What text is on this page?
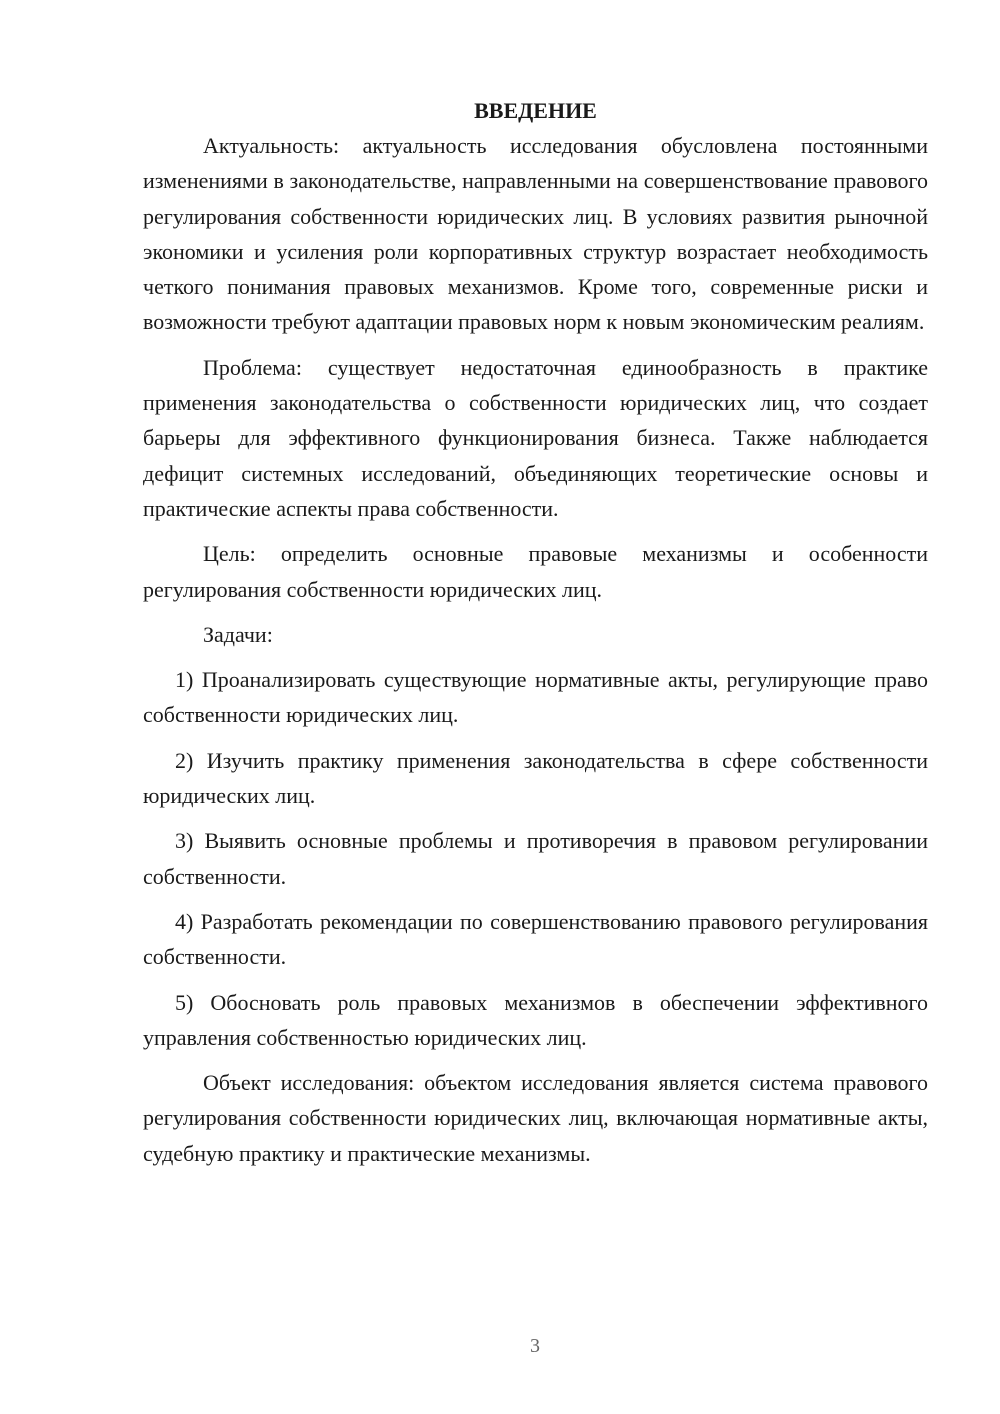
ВВЕДЕНИЕ

Актуальность: актуальность исследования обусловлена постоянными изменениями в законодательстве, направленными на совершенствование правового регулирования собственности юридических лиц. В условиях развития рыночной экономики и усиления роли корпоративных структур возрастает необходимость четкого понимания правовых механизмов. Кроме того, современные риски и возможности требуют адаптации правовых норм к новым экономическим реалиям.

Проблема: существует недостаточная единообразность в практике применения законодательства о собственности юридических лиц, что создает барьеры для эффективного функционирования бизнеса. Также наблюдается дефицит системных исследований, объединяющих теоретические основы и практические аспекты права собственности.

Цель: определить основные правовые механизмы и особенности регулирования собственности юридических лиц.

Задачи:

1) Проанализировать существующие нормативные акты, регулирующие право собственности юридических лиц.

2) Изучить практику применения законодательства в сфере собственности юридических лиц.

3) Выявить основные проблемы и противоречия в правовом регулировании собственности.

4) Разработать рекомендации по совершенствованию правового регулирования собственности.

5) Обосновать роль правовых механизмов в обеспечении эффективного управления собственностью юридических лиц.

Объект исследования: объектом исследования является система правового регулирования собственности юридических лиц, включающая нормативные акты, судебную практику и практические механизмы.

3
